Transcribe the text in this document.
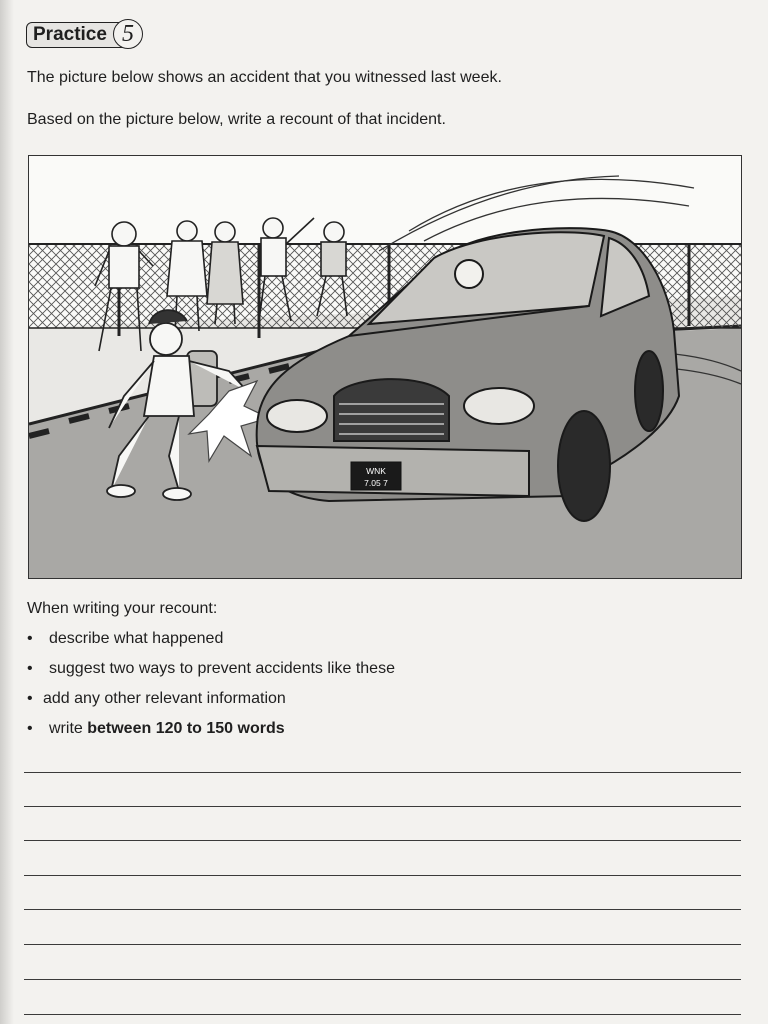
Practice 5

The picture below shows an accident that you witnessed last week.

Based on the picture below, write a recount of that incident.

WNK
7.05 7

When writing your recount:

• describe what happened
• suggest two ways to prevent accidents like these
• add any other relevant information
• write between 120 to 150 words
